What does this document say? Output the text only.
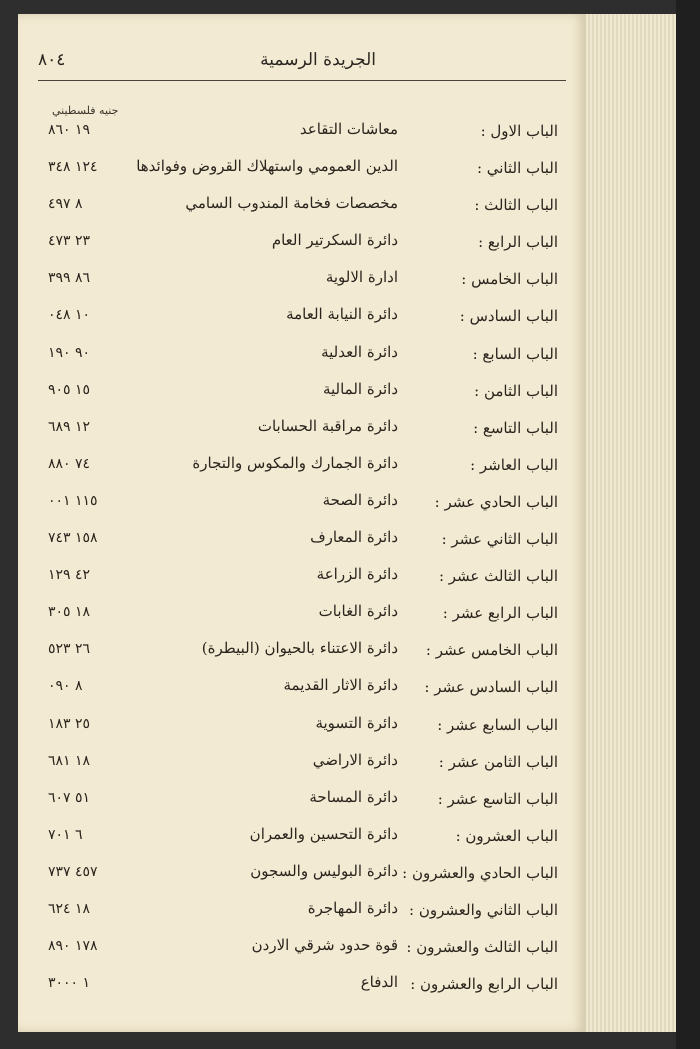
الجريدة الرسمية
٨٠٤
جنيه فلسطيني
الباب الاول :
معاشات التقاعد
١٩ ٨٦٠
الباب الثاني :
الدين العمومي واستهلاك القروض وفوائدها
١٢٤ ٣٤٨
الباب الثالث :
مخصصات فخامة المندوب السامي
٨ ٤٩٧
الباب الرابع :
دائرة السكرتير العام
٢٣ ٤٧٣
الباب الخامس :
ادارة الالوية
٨٦ ٣٩٩
الباب السادس :
دائرة النيابة العامة
١٠ ٠٤٨
الباب السابع :
دائرة العدلية
٩٠ ١٩٠
الباب الثامن :
دائرة المالية
١٥ ٩٠٥
الباب التاسع :
دائرة مراقبة الحسابات
١٢ ٦٨٩
الباب العاشر :
دائرة الجمارك والمكوس والتجارة
٧٤ ٨٨٠
الباب الحادي عشر :
دائرة الصحة
١١٥ ٠٠١
الباب الثاني عشر :
دائرة المعارف
١٥٨ ٧٤٣
الباب الثالث عشر :
دائرة الزراعة
٤٢ ١٢٩
الباب الرابع عشر :
دائرة الغابات
١٨ ٣٠٥
الباب الخامس عشر :
دائرة الاعتناء بالحيوان (البيطرة)
٢٦ ٥٢٣
الباب السادس عشر :
دائرة الاثار القديمة
٨ ٠٩٠
الباب السابع عشر :
دائرة التسوية
٢٥ ١٨٣
الباب الثامن عشر :
دائرة الاراضي
١٨ ٦٨١
الباب التاسع عشر :
دائرة المساحة
٥١ ٦٠٧
الباب العشرون :
دائرة التحسين والعمران
٦ ٧٠١
الباب الحادي والعشرون :
دائرة البوليس والسجون
٤٥٧ ٧٣٧
الباب الثاني والعشرون :
دائرة المهاجرة
١٨ ٦٢٤
الباب الثالث والعشرون :
قوة حدود شرقي الاردن
١٧٨ ٨٩٠
الباب الرابع والعشرون :
الدفاع
١ ٣٠٠٠
